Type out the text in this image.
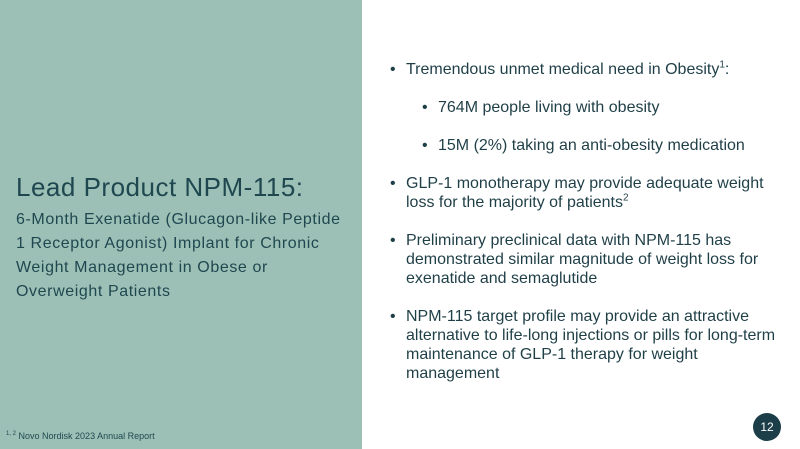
Lead Product NPM-115:
6-Month Exenatide (Glucagon-like Peptide 1 Receptor Agonist) Implant for Chronic Weight Management in Obese or Overweight Patients
$^{1, 2}$ Novo Nordisk 2023 Annual Report
• Tremendous unmet medical need in Obesity$^1$:
• 764M people living with obesity
• 15M (2%) taking an anti-obesity medication
• GLP-1 monotherapy may provide adequate weight loss for the majority of patients$^2$
• Preliminary preclinical data with NPM-115 has demonstrated similar magnitude of weight loss for exenatide and semaglutide
• NPM-115 target profile may provide an attractive alternative to life-long injections or pills for long-term maintenance of GLP-1 therapy for weight management
12
